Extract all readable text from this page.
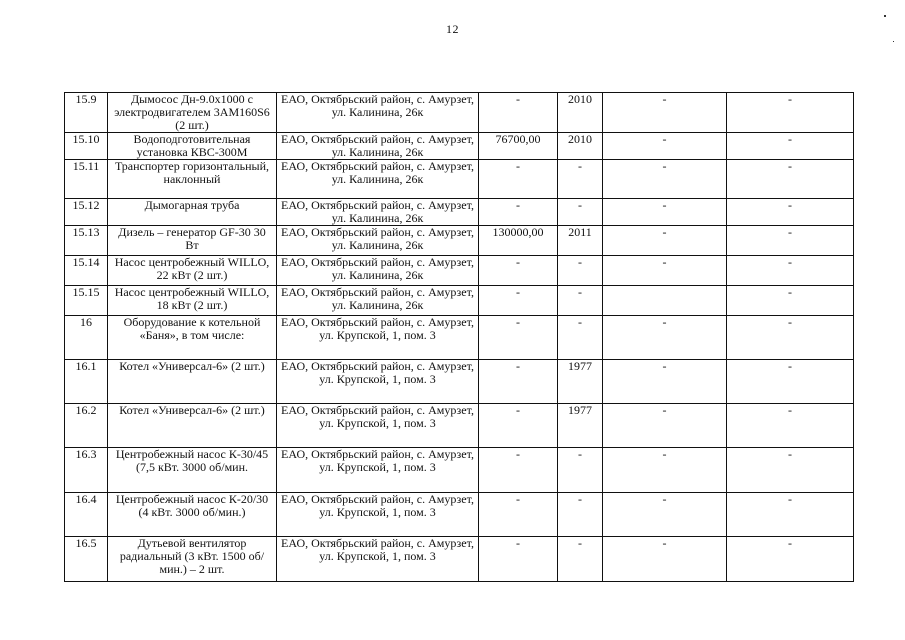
12
15.9	Дымосос Дн-9.0х1000 с электродвигателем 3АМ160S6 (2 шт.)	ЕАО, Октябрьский район, с. Амурзет, ул. Калинина, 26к	-	2010	-	-
15.10	Водоподготовительная установка КВС-300М	ЕАО, Октябрьский район, с. Амурзет, ул. Калинина, 26к	76700,00	2010	-	-
15.11	Транспортер горизонтальный, наклонный	ЕАО, Октябрьский район, с. Амурзет, ул. Калинина, 26к	-	-	-	-
15.12	Дымогарная труба	ЕАО, Октябрьский район, с. Амурзет, ул. Калинина, 26к	-	-	-	-
15.13	Дизель – генератор GF-30 30 Вт	ЕАО, Октябрьский район, с. Амурзет, ул. Калинина, 26к	130000,00	2011	-	-
15.14	Насос центробежный WILLO, 22 кВт (2 шт.)	ЕАО, Октябрьский район, с. Амурзет, ул. Калинина, 26к	-	-	-	-
15.15	Насос центробежный WILLO, 18 кВт (2 шт.)	ЕАО, Октябрьский район, с. Амурзет, ул. Калинина, 26к	-	-		-
16	Оборудование к котельной «Баня», в том числе:	ЕАО, Октябрьский район, с. Амурзет, ул. Крупской, 1, пом. 3	-	-	-	-
16.1	Котел «Универсал-6» (2 шт.)	ЕАО, Октябрьский район, с. Амурзет, ул. Крупской, 1, пом. 3	-	1977	-	-
16.2	Котел «Универсал-6» (2 шт.)	ЕАО, Октябрьский район, с. Амурзет, ул. Крупской, 1, пом. 3	-	1977	-	-
16.3	Центробежный насос К-30/45 (7,5 кВт. 3000 об/мин.	ЕАО, Октябрьский район, с. Амурзет, ул. Крупской, 1, пом. 3	-	-	-	-
16.4	Центробежный насос К-20/30 (4 кВт. 3000 об/мин.)	ЕАО, Октябрьский район, с. Амурзет, ул. Крупской, 1, пом. 3	-	-	-	-
16.5	Дутьевой вентилятор радиальный (3 кВт. 1500 об/мин.) – 2 шт.	ЕАО, Октябрьский район, с. Амурзет, ул. Крупской, 1, пом. 3	-	-	-	-
